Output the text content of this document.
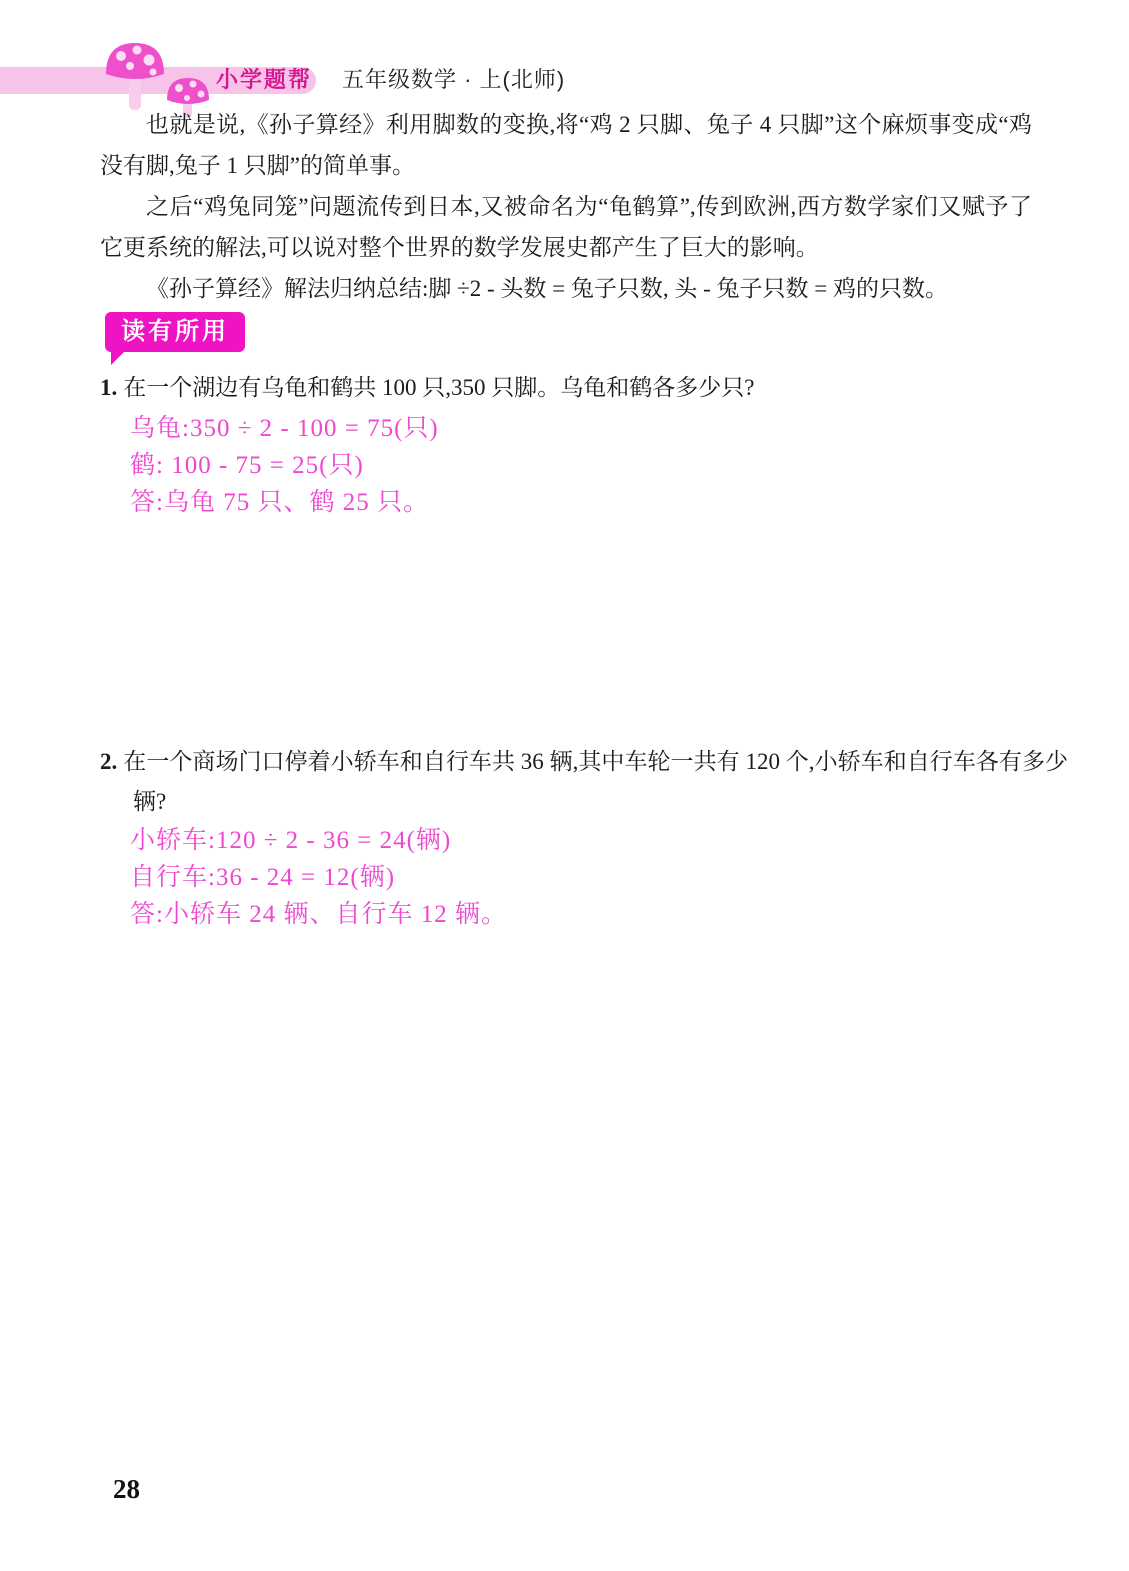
小学题帮 五年级数学 · 上(北师)

也就是说,《孙子算经》利用脚数的变换,将“鸡 2 只脚、兔子 4 只脚”这个麻烦事变成“鸡没有脚,兔子 1 只脚”的简单事。

之后“鸡兔同笼”问题流传到日本,又被命名为“龟鹤算”,传到欧洲,西方数学家们又赋予了它更系统的解法,可以说对整个世界的数学发展史都产生了巨大的影响。

《孙子算经》解法归纳总结:脚 ÷2 - 头数 = 兔子只数, 头 - 兔子只数 = 鸡的只数。

读有所用
1. 在一个湖边有乌龟和鹤共 100 只,350 只脚。乌龟和鹤各多少只?
乌龟:350 ÷ 2 - 100 = 75(只)
鹤: 100 - 75 = 25(只)
答:乌龟 75 只、鹤 25 只。
2. 在一个商场门口停着小轿车和自行车共 36 辆,其中车轮一共有 120 个,小轿车和自行车各有多少辆?
小轿车:120 ÷ 2 - 36 = 24(辆)
自行车:36 - 24 = 12(辆)
答:小轿车 24 辆、自行车 12 辆。
28
